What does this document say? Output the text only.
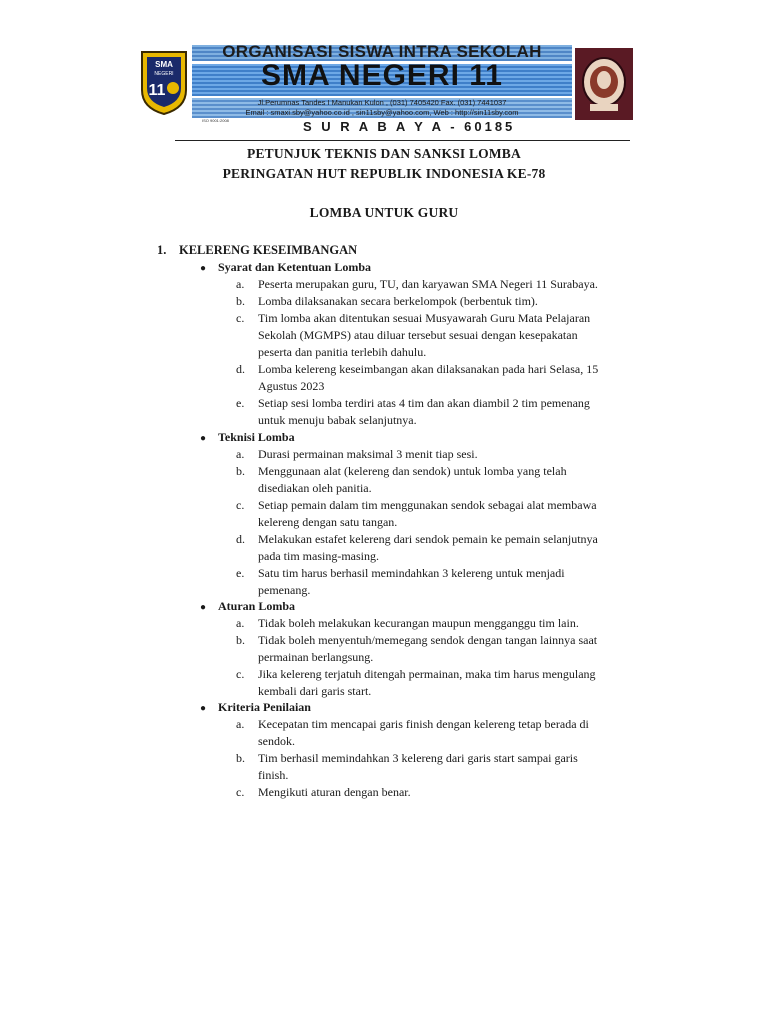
SMA
NEGERI
11
ORGANISASI SISWA INTRA SEKOLAH
SMA NEGERI 11
Jl.Perumnas Tandes I Manukan Kulon , (031) 7405420 Fax. (031) 7441037
Email : smaxi.sby@yahoo.co.id , sin11sby@yahoo.com, Web : http://sin11sby.com
ISO 9001:2008	S U R A B A Y A - 60185
PETUNJUK TEKNIS DAN SANKSI LOMBA
PERINGATAN HUT REPUBLIK INDONESIA KE-78
LOMBA UNTUK GURU
1. KELERENG KESEIMBANGAN
● Syarat dan Ketentuan Lomba
a. Peserta merupakan guru, TU, dan karyawan SMA Negeri 11 Surabaya.
b. Lomba dilaksanakan secara berkelompok (berbentuk tim).
c. Tim lomba akan ditentukan sesuai Musyawarah Guru Mata Pelajaran
Sekolah (MGMPS) atau diluar tersebut sesuai dengan kesepakatan
peserta dan panitia terlebih dahulu.
d. Lomba kelereng keseimbangan akan dilaksanakan pada hari Selasa, 15
Agustus 2023
e. Setiap sesi lomba terdiri atas 4 tim dan akan diambil 2 tim pemenang
untuk menuju babak selanjutnya.
● Teknisi Lomba
a. Durasi permainan maksimal 3 menit tiap sesi.
b. Menggunaan alat (kelereng dan sendok) untuk lomba yang telah
disediakan oleh panitia.
c. Setiap pemain dalam tim menggunakan sendok sebagai alat membawa
kelereng dengan satu tangan.
d. Melakukan estafet kelereng dari sendok pemain ke pemain selanjutnya
pada tim masing-masing.
e. Satu tim harus berhasil memindahkan 3 kelereng untuk menjadi
pemenang.
● Aturan Lomba
a. Tidak boleh melakukan kecurangan maupun mengganggu tim lain.
b. Tidak boleh menyentuh/memegang sendok dengan tangan lainnya saat
permainan berlangsung.
c. Jika kelereng terjatuh ditengah permainan, maka tim harus mengulang
kembali dari garis start.
● Kriteria Penilaian
a. Kecepatan tim mencapai garis finish dengan kelereng tetap berada di
sendok.
b. Tim berhasil memindahkan 3 kelereng dari garis start sampai garis
finish.
c. Mengikuti aturan dengan benar.
